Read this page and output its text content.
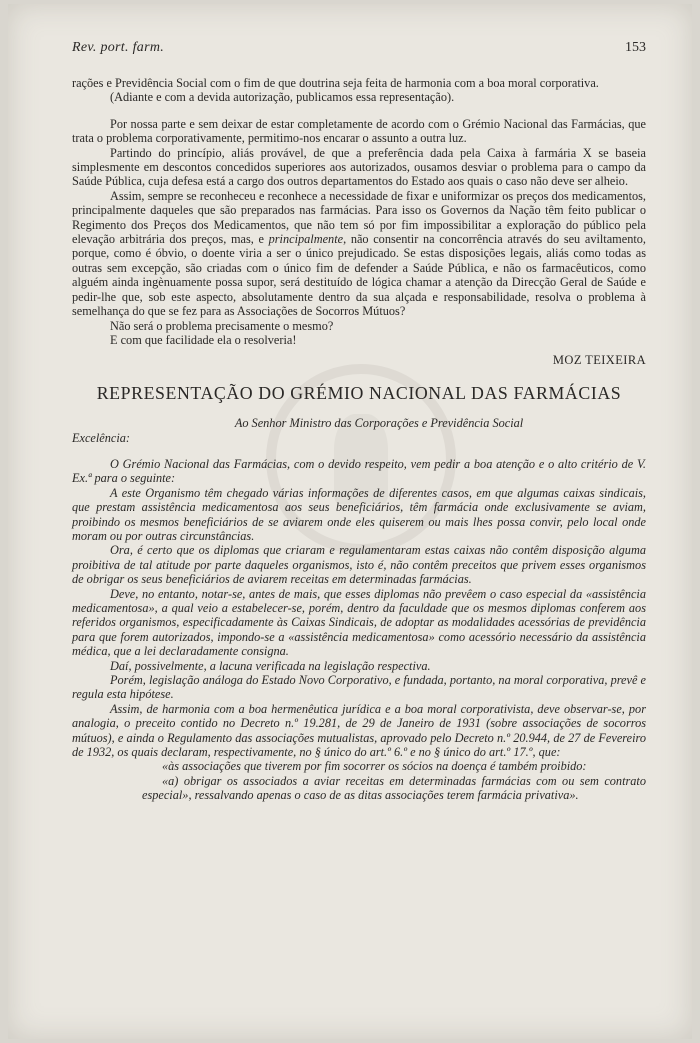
Rev. port. farm.	153

rações e Previdência Social com o fim de que doutrina seja feita de harmonia com a boa moral corporativa.

(Adiante e com a devida autorização, publicamos essa representação).

Por nossa parte e sem deixar de estar completamente de acordo com o Grémio Nacional das Farmácias, que trata o problema corporativamente, permitimo-nos encarar o assunto a outra luz.

Partindo do princípio, aliás provável, de que a preferência dada pela Caixa à farmária X se baseia simplesmente em descontos concedidos superiores aos autorizados, ousamos desviar o problema para o campo da Saúde Pública, cuja defesa está a cargo dos outros departamentos do Estado aos quais o caso não deve ser alheio.

Assim, sempre se reconheceu e reconhece a necessidade de fixar e uniformizar os preços dos medicamentos, principalmente daqueles que são preparados nas farmácias. Para isso os Governos da Nação têm feito publicar o Regimento dos Preços dos Medicamentos, que não tem só por fim impossibilitar a exploração do público pela elevação arbitrária dos preços, mas, e principalmente, não consentir na concorrência através do seu aviltamento, porque, como é óbvio, o doente viria a ser o único prejudicado. Se estas disposições legais, aliás como todas as outras sem excepção, são criadas com o único fim de defender a Saúde Pública, e não os farmacêuticos, como alguém ainda ingènuamente possa supor, será destituído de lógica chamar a atenção da Direcção Geral de Saúde e pedir-lhe que, sob este aspecto, absolutamente dentro da sua alçada e responsabilidade, resolva o problema à semelhança do que se fez para as Associações de Socorros Mútuos?

Não será o problema precisamente o mesmo?

E com que facilidade ela o resolveria!

MOZ TEIXEIRA
REPRESENTAÇÃO DO GRÉMIO NACIONAL DAS FARMÁCIAS
Ao Senhor Ministro das Corporações e Previdência Social
Excelência:

O Grémio Nacional das Farmácias, com o devido respeito, vem pedir a boa atenção e o alto critério de V. Ex.ª para o seguinte:

A este Organismo têm chegado várias informações de diferentes casos, em que algumas caixas sindicais, que prestam assistência medicamentosa aos seus beneficiários, têm farmácia onde exclusivamente se aviam, proibindo os mesmos beneficiários de se aviarem onde eles quiserem ou mais lhes possa convir, pelo local onde moram ou por outras circunstâncias.

Ora, é certo que os diplomas que criaram e regulamentaram estas caixas não contêm disposição alguma proibitiva de tal atitude por parte daqueles organismos, isto é, não contêm preceitos que privem esses organismos de obrigar os seus beneficiários de aviarem receitas em determinadas farmácias.

Deve, no entanto, notar-se, antes de mais, que esses diplomas não prevêem o caso especial da «assistência medicamentosa», a qual veio a estabelecer-se, porém, dentro da faculdade que os mesmos diplomas conferem aos referidos organismos, especificadamente às Caixas Sindicais, de adoptar as modalidades acessórias de previdência para que forem autorizados, impondo-se a «assistência medicamentosa» como acessório necessário da assistência médica, que a lei declaradamente consigna.

Daí, possivelmente, a lacuna verificada na legislação respectiva.

Porém, legislação análoga do Estado Novo Corporativo, e fundada, portanto, na moral corporativa, prevê e regula esta hipótese.

Assim, de harmonia com a boa hermenêutica jurídica e a boa moral corporativista, deve observar-se, por analogia, o preceito contido no Decreto n.º 19.281, de 29 de Janeiro de 1931 (sobre associações de socorros mútuos), e ainda o Regulamento das associações mutualistas, aprovado pelo Decreto n.º 20.944, de 27 de Fevereiro de 1932, os quais declaram, respectivamente, no § único do art.º 6.º e no § único do art.º 17.º, que:

«às associações que tiverem por fim socorrer os sócios na doença é também proibido:

«a) obrigar os associados a aviar receitas em determinadas farmácias com ou sem contrato especial», ressalvando apenas o caso de as ditas associações terem farmácia privativa».
